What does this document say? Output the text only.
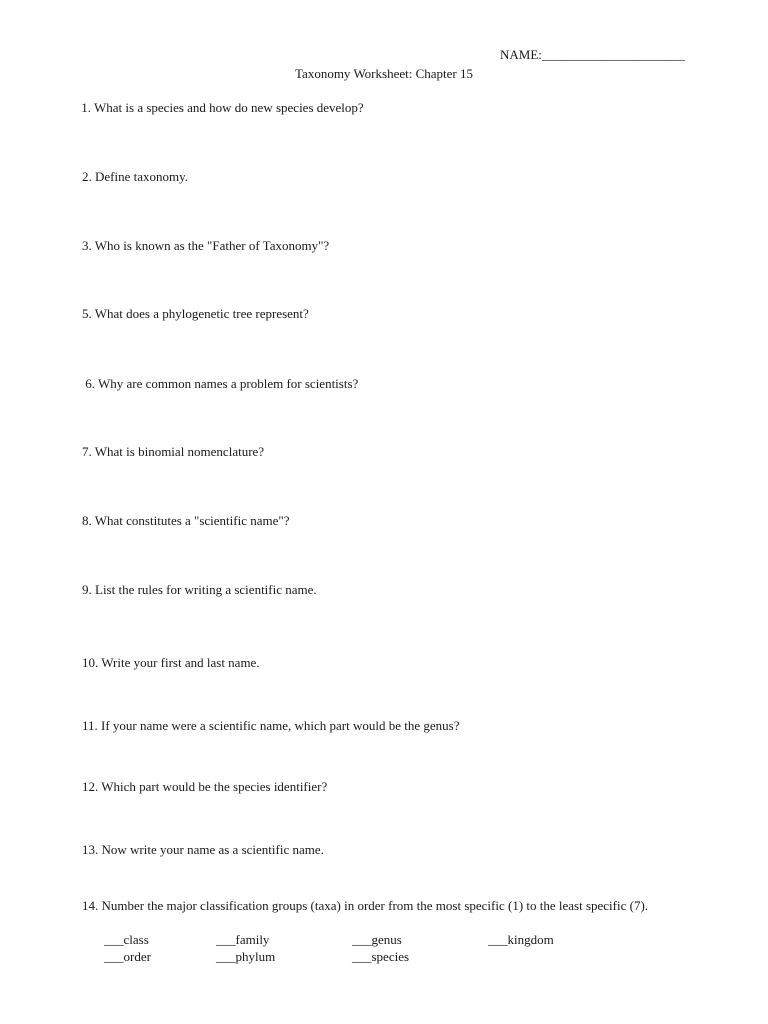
NAME:______________________
Taxonomy Worksheet: Chapter 15
1. What is a species and how do new species develop?
2. Define taxonomy.
3. Who is known as the "Father of Taxonomy"?
5. What does a phylogenetic tree represent?
6. Why are common names a problem for scientists?
7. What is binomial nomenclature?
8. What constitutes a "scientific name"?
9. List the rules for writing a scientific name.
10. Write your first and last name.
11. If your name were a scientific name, which part would be the genus?
12. Which part would be the species identifier?
13. Now write your name as a scientific name.
14. Number the major classification groups (taxa) in order from the most specific (1) to the least specific (7).
___class	___family	___genus	___kingdom
___order	___phylum	___species
